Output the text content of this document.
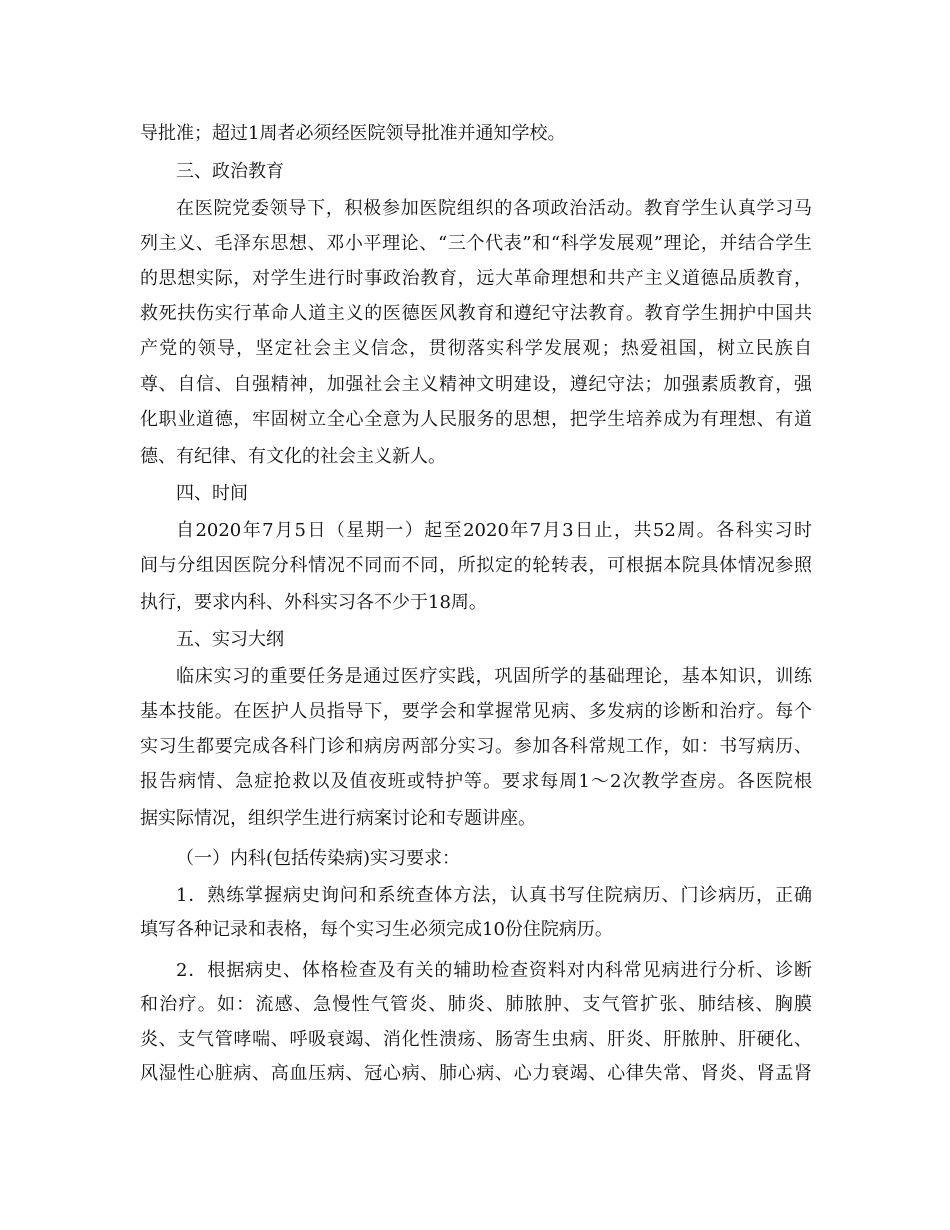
导批准；超过1周者必须经医院领导批准并通知学校。
三、政治教育
在医院党委领导下，积极参加医院组织的各项政治活动。教育学生认真学习马
列主义、毛泽东思想、邓小平理论、“三个代表”和“科学发展观”理论，并结合学生
的思想实际，对学生进行时事政治教育，远大革命理想和共产主义道德品质教育，
救死扶伤实行革命人道主义的医德医风教育和遵纪守法教育。教育学生拥护中国共
产党的领导，坚定社会主义信念，贯彻落实科学发展观；热爱祖国，树立民族自
尊、自信、自强精神，加强社会主义精神文明建设，遵纪守法；加强素质教育，强
化职业道德，牢固树立全心全意为人民服务的思想，把学生培养成为有理想、有道
德、有纪律、有文化的社会主义新人。
四、时间
自2020年7月5日（星期一）起至2020年7月3日止，共52周。各科实习时
间与分组因医院分科情况不同而不同，所拟定的轮转表，可根据本院具体情况参照
执行，要求内科、外科实习各不少于18周。
五、实习大纲
临床实习的重要任务是通过医疗实践，巩固所学的基础理论，基本知识，训练
基本技能。在医护人员指导下，要学会和掌握常见病、多发病的诊断和治疗。每个
实习生都要完成各科门诊和病房两部分实习。参加各科常规工作，如：书写病历、
报告病情、急症抢救以及值夜班或特护等。要求每周1～2次教学查房。各医院根
据实际情况，组织学生进行病案讨论和专题讲座。
（一）内科(包括传染病)实习要求：
1．熟练掌握病史询问和系统查体方法，认真书写住院病历、门诊病历，正确
填写各种记录和表格，每个实习生必须完成10份住院病历。
2．根据病史、体格检查及有关的辅助检查资料对内科常见病进行分析、诊断
和治疗。如：流感、急慢性气管炎、肺炎、肺脓肿、支气管扩张、肺结核、胸膜
炎、支气管哮喘、呼吸衰竭、消化性溃疡、肠寄生虫病、肝炎、肝脓肿、肝硬化、
风湿性心脏病、高血压病、冠心病、肺心病、心力衰竭、心律失常、肾炎、肾盂肾
